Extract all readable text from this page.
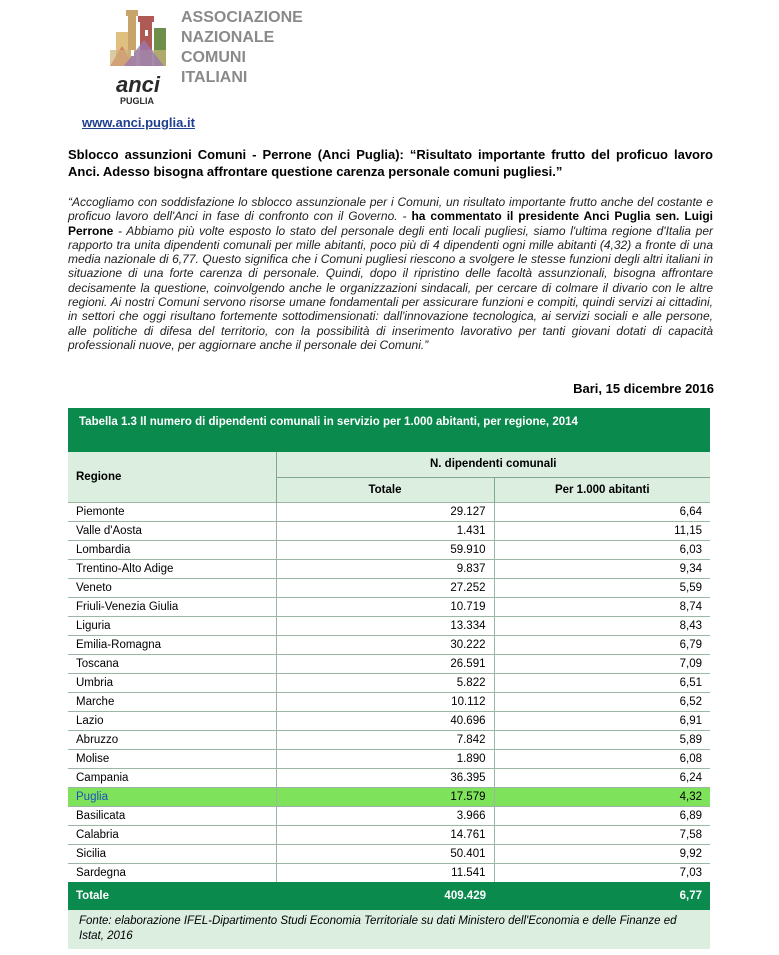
anci
PUGLIA
ASSOCIAZIONE
NAZIONALE
COMUNI
ITALIANI
www.anci.puglia.it
Sblocco assunzioni Comuni - Perrone (Anci Puglia): “Risultato importante frutto del proficuo lavoro Anci. Adesso bisogna affrontare questione carenza personale comuni pugliesi.”
“Accogliamo con soddisfazione lo sblocco assunzionale per i Comuni, un risultato importante frutto anche del costante e proficuo lavoro dell'Anci in fase di confronto con il Governo. - ha commentato il presidente Anci Puglia sen. Luigi Perrone - Abbiamo più volte esposto lo stato del personale degli enti locali pugliesi, siamo l'ultima regione d'Italia per rapporto tra unita dipendenti comunali per mille abitanti, poco più di 4 dipendenti ogni mille abitanti (4,32) a fronte di una media nazionale di 6,77. Questo significa che i Comuni pugliesi riescono a svolgere le stesse funzioni degli altri italiani in situazione di una forte carenza di personale. Quindi, dopo il ripristino delle facoltà assunzionali, bisogna affrontare decisamente la questione, coinvolgendo anche le organizzazioni sindacali, per cercare di colmare il divario con le altre regioni. Ai nostri Comuni servono risorse umane fondamentali per assicurare funzioni e compiti, quindi servizi ai cittadini, in settori che oggi risultano fortemente sottodimensionati: dall'innovazione tecnologica, ai servizi sociali e alle persone, alle politiche di difesa del territorio, con la possibilità di inserimento lavorativo per tanti giovani dotati di capacità professionali nuove, per aggiornare anche il personale dei Comuni.”
Bari, 15 dicembre 2016
Tabella 1.3 Il numero di dipendenti comunali in servizio per 1.000 abitanti, per regione, 2014
Regione	N. dipendenti comunali	
	Totale	Per 1.000 abitanti
Piemonte	29.127	6,64
Valle d'Aosta	1.431	11,15
Lombardia	59.910	6,03
Trentino-Alto Adige	9.837	9,34
Veneto	27.252	5,59
Friuli-Venezia Giulia	10.719	8,74
Liguria	13.334	8,43
Emilia-Romagna	30.222	6,79
Toscana	26.591	7,09
Umbria	5.822	6,51
Marche	10.112	6,52
Lazio	40.696	6,91
Abruzzo	7.842	5,89
Molise	1.890	6,08
Campania	36.395	6,24
Puglia	17.579	4,32
Basilicata	3.966	6,89
Calabria	14.761	7,58
Sicilia	50.401	9,92
Sardegna	11.541	7,03
Totale	409.429	6,77
Fonte: elaborazione IFEL-Dipartimento Studi Economia Territoriale su dati Ministero dell'Economia e delle Finanze ed Istat, 2016
